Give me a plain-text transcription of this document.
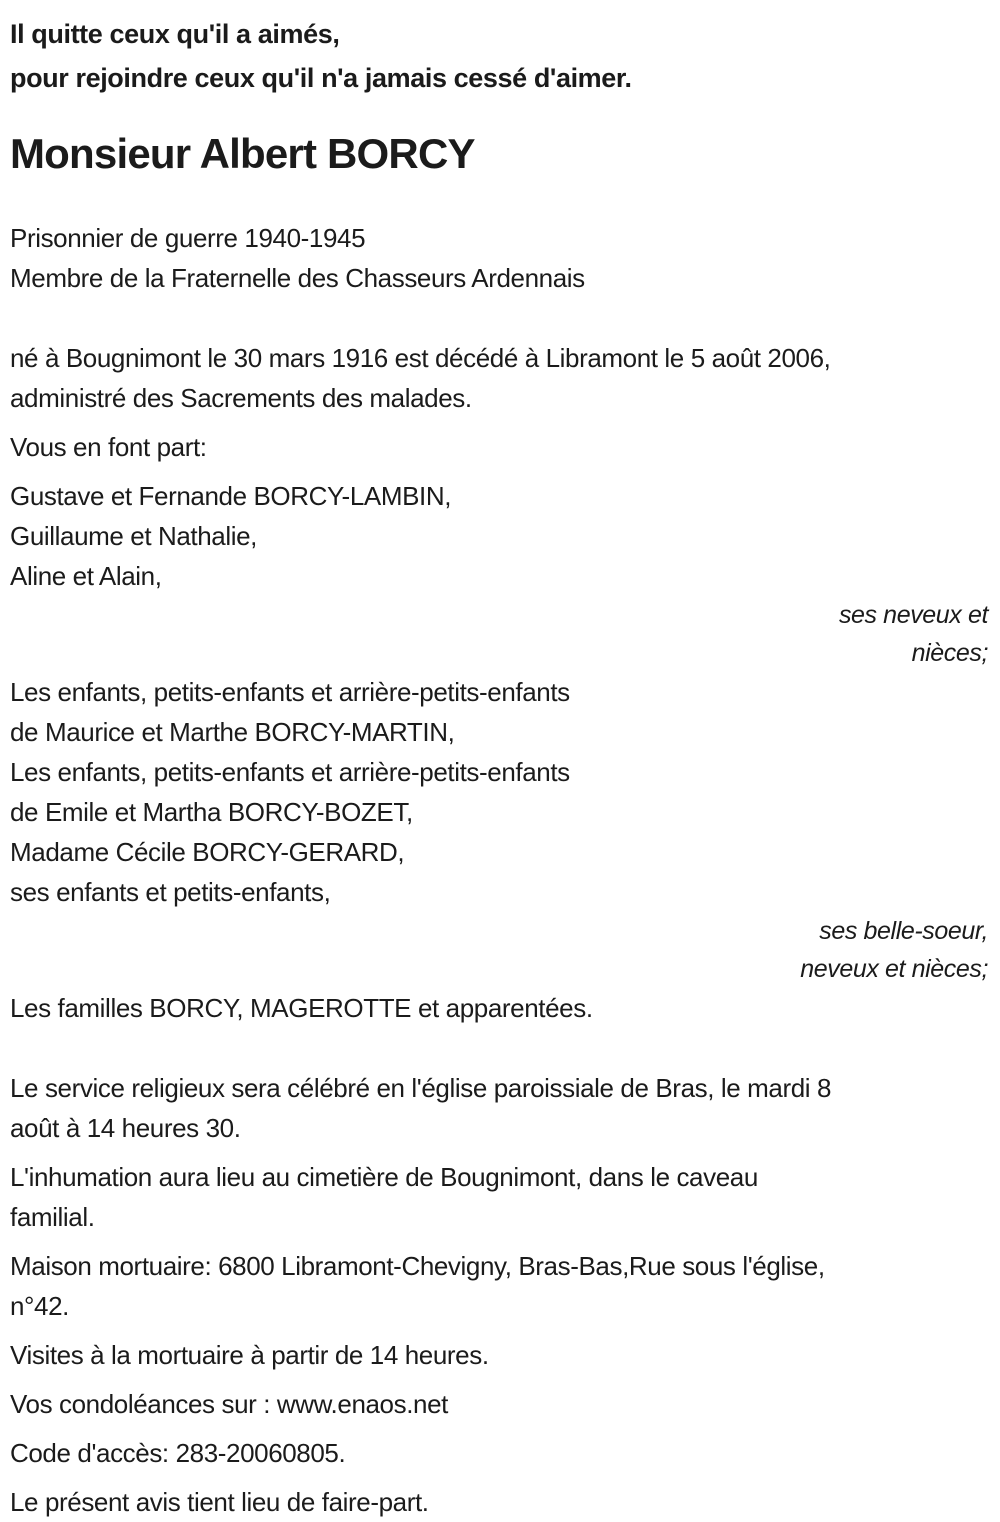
Il quitte ceux qu'il a aimés,
pour rejoindre ceux qu'il n'a jamais cessé d'aimer.
Monsieur Albert BORCY
Prisonnier de guerre 1940-1945
Membre de la Fraternelle des Chasseurs Ardennais
né à Bougnimont le 30 mars 1916 est décédé à Libramont le 5 août 2006,
administré des Sacrements des malades.
Vous en font part:
Gustave et Fernande BORCY-LAMBIN,
Guillaume et Nathalie,
Aline et Alain,
ses neveux et
nièces;
Les enfants, petits-enfants et arrière-petits-enfants
de Maurice et Marthe BORCY-MARTIN,
Les enfants, petits-enfants et arrière-petits-enfants
de Emile et Martha BORCY-BOZET,
Madame Cécile BORCY-GERARD,
ses enfants et petits-enfants,
ses belle-soeur,
neveux et nièces;
Les familles BORCY, MAGEROTTE et apparentées.
Le service religieux sera célébré en l'église paroissiale de Bras, le mardi 8
août à 14 heures 30.
L'inhumation aura lieu au cimetière de Bougnimont, dans le caveau
familial.
Maison mortuaire: 6800 Libramont-Chevigny, Bras-Bas,Rue sous l'église,
n°42.
Visites à la mortuaire à partir de 14 heures.
Vos condoléances sur : www.enaos.net
Code d'accès: 283-20060805.
Le présent avis tient lieu de faire-part.
